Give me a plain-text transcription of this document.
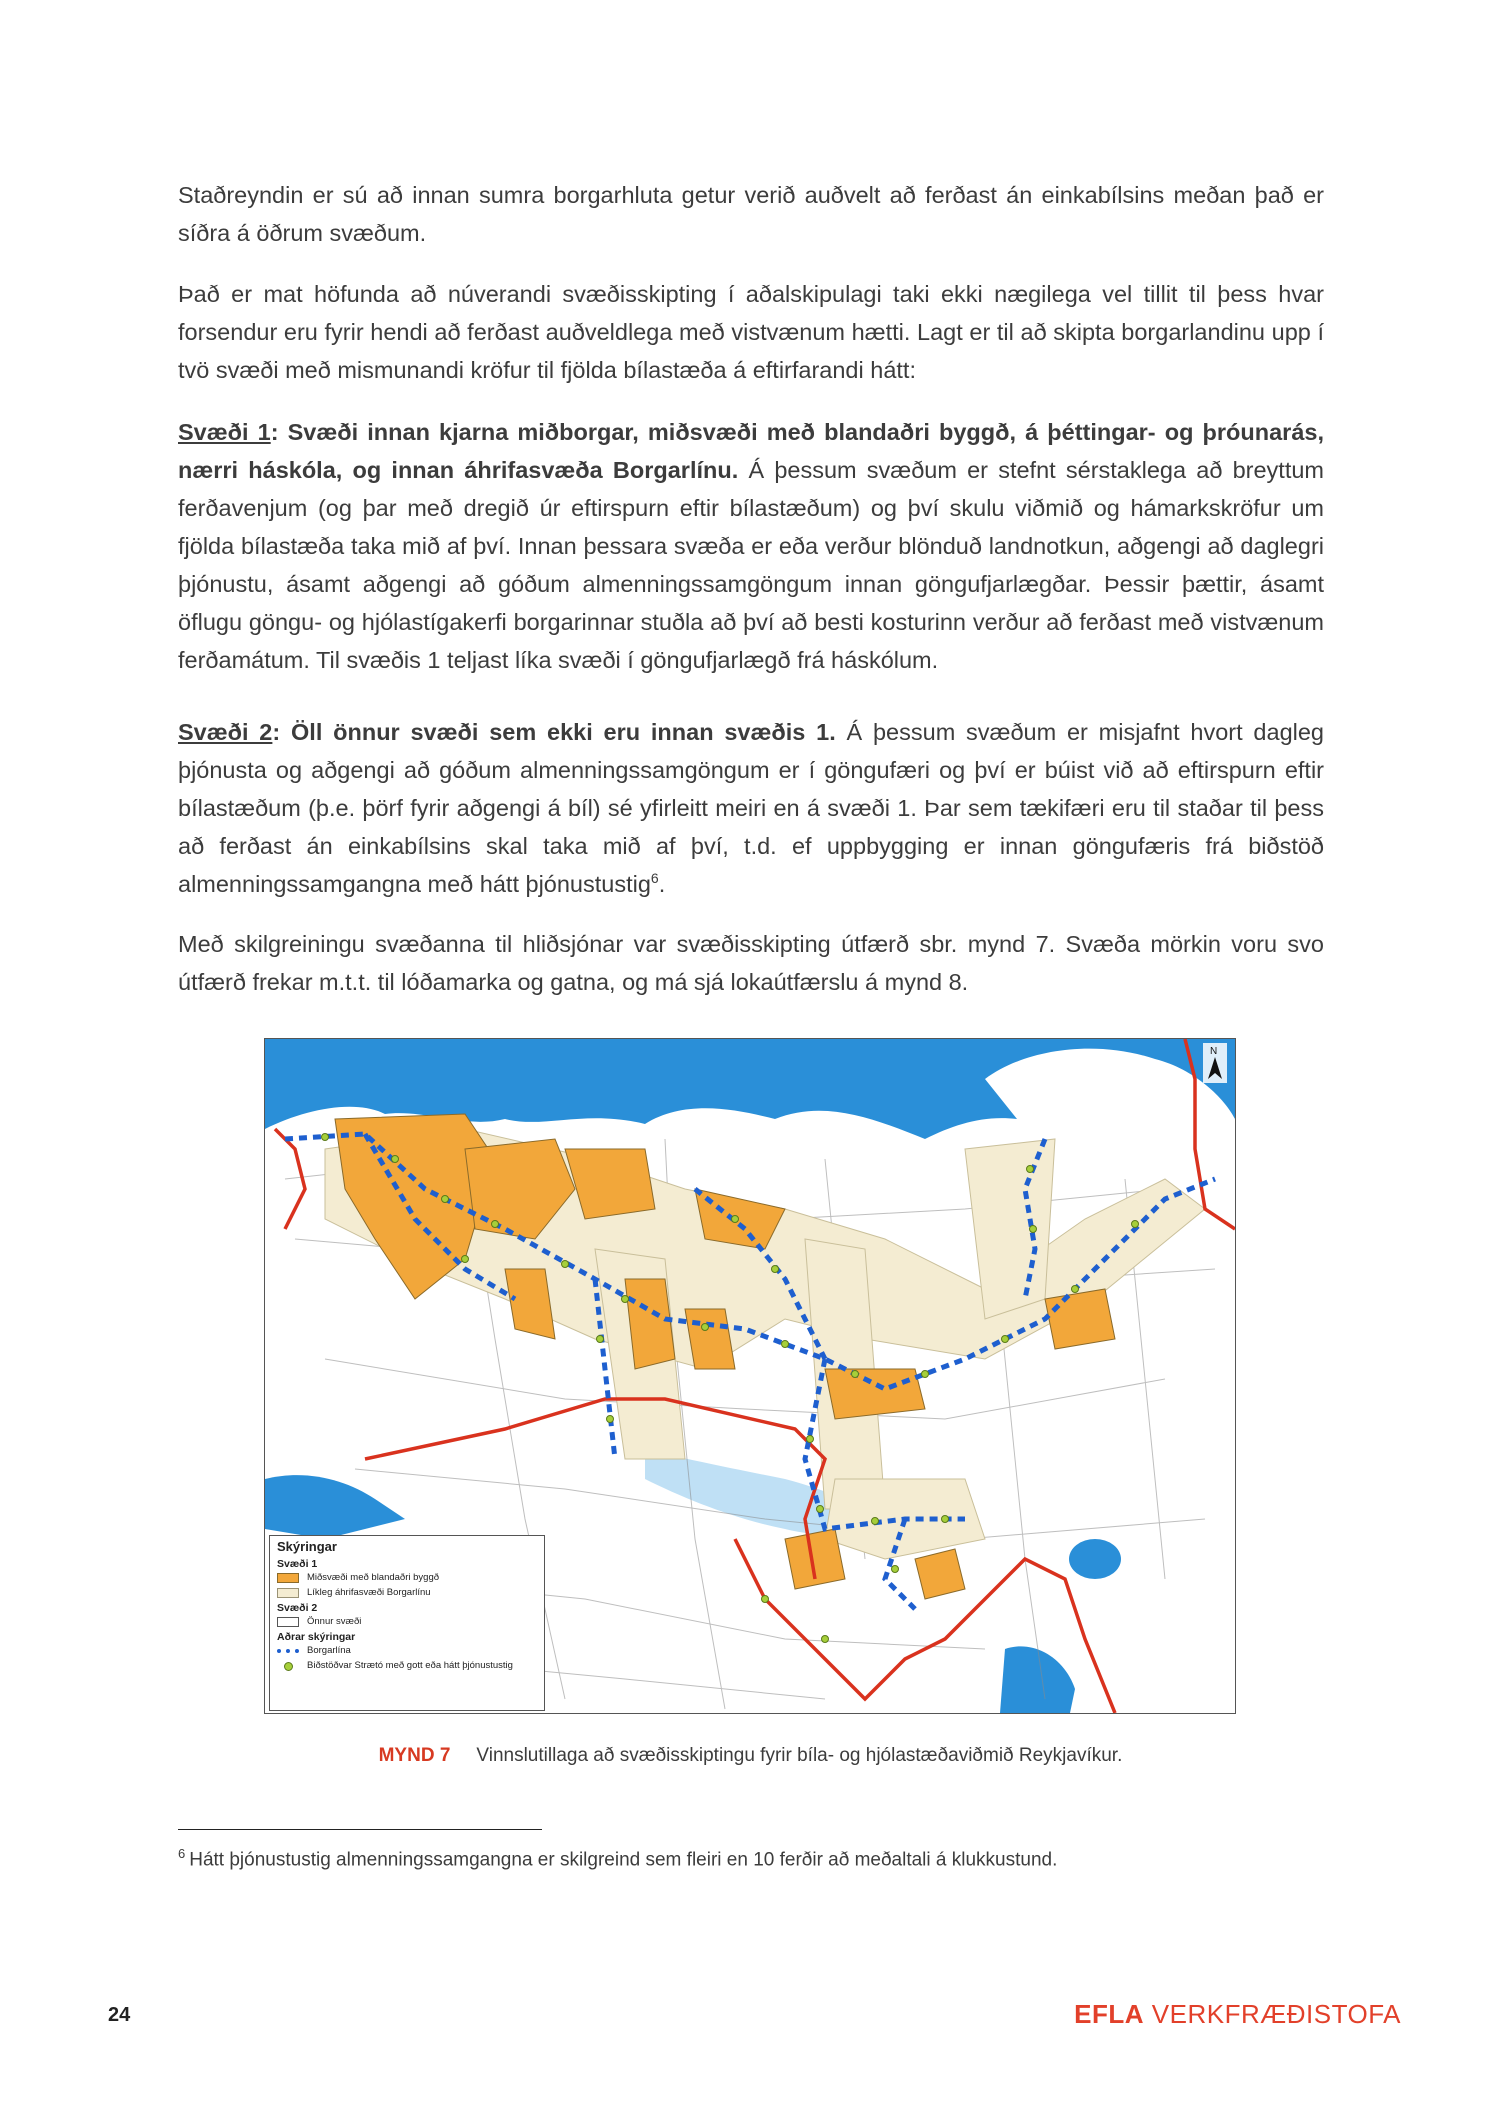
Staðreyndin er sú að innan sumra borgarhluta getur verið auðvelt að ferðast án einkabílsins meðan það er síðra á öðrum svæðum.

Það er mat höfunda að núverandi svæðisskipting í aðalskipulagi taki ekki nægilega vel tillit til þess hvar forsendur eru fyrir hendi að ferðast auðveldlega með vistvænum hætti. Lagt er til að skipta borgarlandinu upp í tvö svæði með mismunandi kröfur til fjölda bílastæða á eftirfarandi hátt:

Svæði 1: Svæði innan kjarna miðborgar, miðsvæði með blandaðri byggð, á þéttingar- og þróunarás, nærri háskóla, og innan áhrifasvæða Borgarlínu. Á þessum svæðum er stefnt sérstaklega að breyttum ferðavenjum (og þar með dregið úr eftirspurn eftir bílastæðum) og því skulu viðmið og hámarkskröfur um fjölda bílastæða taka mið af því. Innan þessara svæða er eða verður blönduð landnotkun, aðgengi að daglegri þjónustu, ásamt aðgengi að góðum almenningssamgöngum innan göngufjarlægðar. Þessir þættir, ásamt öflugu göngu- og hjólastígakerfi borgarinnar stuðla að því að besti kosturinn verður að ferðast með vistvænum ferðamátum. Til svæðis 1 teljast líka svæði í göngufjarlægð frá háskólum.

Svæði 2: Öll önnur svæði sem ekki eru innan svæðis 1. Á þessum svæðum er misjafnt hvort dagleg þjónusta og aðgengi að góðum almenningssamgöngum er í göngufæri og því er búist við að eftirspurn eftir bílastæðum (þ.e. þörf fyrir aðgengi á bíl) sé yfirleitt meiri en á svæði 1. Þar sem tækifæri eru til staðar til þess að ferðast án einkabílsins skal taka mið af því, t.d. ef uppbygging er innan göngufæris frá biðstöð almenningssamgangna með hátt þjónustustig$^6$.

Með skilgreiningu svæðanna til hliðsjónar var svæðisskipting útfærð sbr. mynd 7. Svæða mörkin voru svo útfærð frekar m.t.t. til lóðamarka og gatna, og má sjá lokaútfærslu á mynd 8.

N
Skýringar
Svæði 1
Miðsvæði með blandaðri byggð
Líkleg áhrifasvæði Borgarlínu
Svæði 2
Önnur svæði
Aðrar skýringar
Borgarlína
Biðstöðvar Strætó með gott eða hátt þjónustustig
MYND 7 Vinnslutillaga að svæðisskiptingu fyrir bíla- og hjólastæðaviðmið Reykjavíkur.
$^6$ Hátt þjónustustig almenningssamgangna er skilgreind sem fleiri en 10 ferðir að meðaltali á klukkustund.
24	EFLA VERKFRÆÐISTOFA
